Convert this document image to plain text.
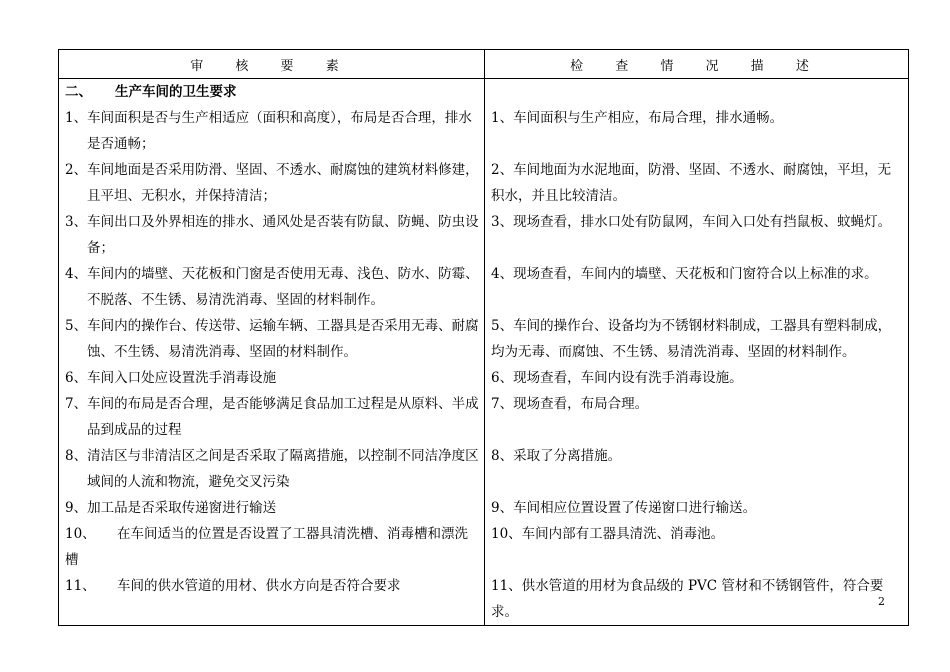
审 核 要 素	检 查 情 况 描 述
二、 生产车间的卫生要求	
1、车间面积是否与生产相适应（面积和高度），布局是否合理，排水是否通畅；	1、车间面积与生产相应，布局合理，排水通畅。
2、车间地面是否采用防滑、坚固、不透水、耐腐蚀的建筑材料修建，且平坦、无积水，并保持清洁；	2、车间地面为水泥地面，防滑、坚固、不透水、耐腐蚀，平坦，无积水，并且比较清洁。
3、车间出口及外界相连的排水、通风处是否装有防鼠、防蝇、防虫设备；	3、现场查看，排水口处有防鼠网，车间入口处有挡鼠板、蚊蝇灯。
4、车间内的墙壁、天花板和门窗是否使用无毒、浅色、防水、防霉、不脱落、不生锈、易清洗消毒、坚固的材料制作。	4、现场查看，车间内的墙壁、天花板和门窗符合以上标准的求。
5、车间内的操作台、传送带、运输车辆、工器具是否采用无毒、耐腐蚀、不生锈、易清洗消毒、坚固的材料制作。	5、车间的操作台、设备均为不锈钢材料制成，工器具有塑料制成，均为无毒、而腐蚀、不生锈、易清洗消毒、坚固的材料制作。
6、车间入口处应设置洗手消毒设施	6、现场查看，车间内设有洗手消毒设施。
7、车间的布局是否合理，是否能够满足食品加工过程是从原料、半成品到成品的过程	7、现场查看，布局合理。
8、清洁区与非清洁区之间是否采取了隔离措施，以控制不同洁净度区域间的人流和物流，避免交叉污染	8、采取了分离措施。
9、加工品是否采取传递窗进行输送	9、车间相应位置设置了传递窗口进行输送。
10、 在车间适当的位置是否设置了工器具清洗槽、消毒槽和漂洗槽	10、车间内部有工器具清洗、消毒池。
11、 车间的供水管道的用材、供水方向是否符合要求	11、供水管道的用材为食品级的 PVC 管材和不锈钢管件，符合要求。
2
